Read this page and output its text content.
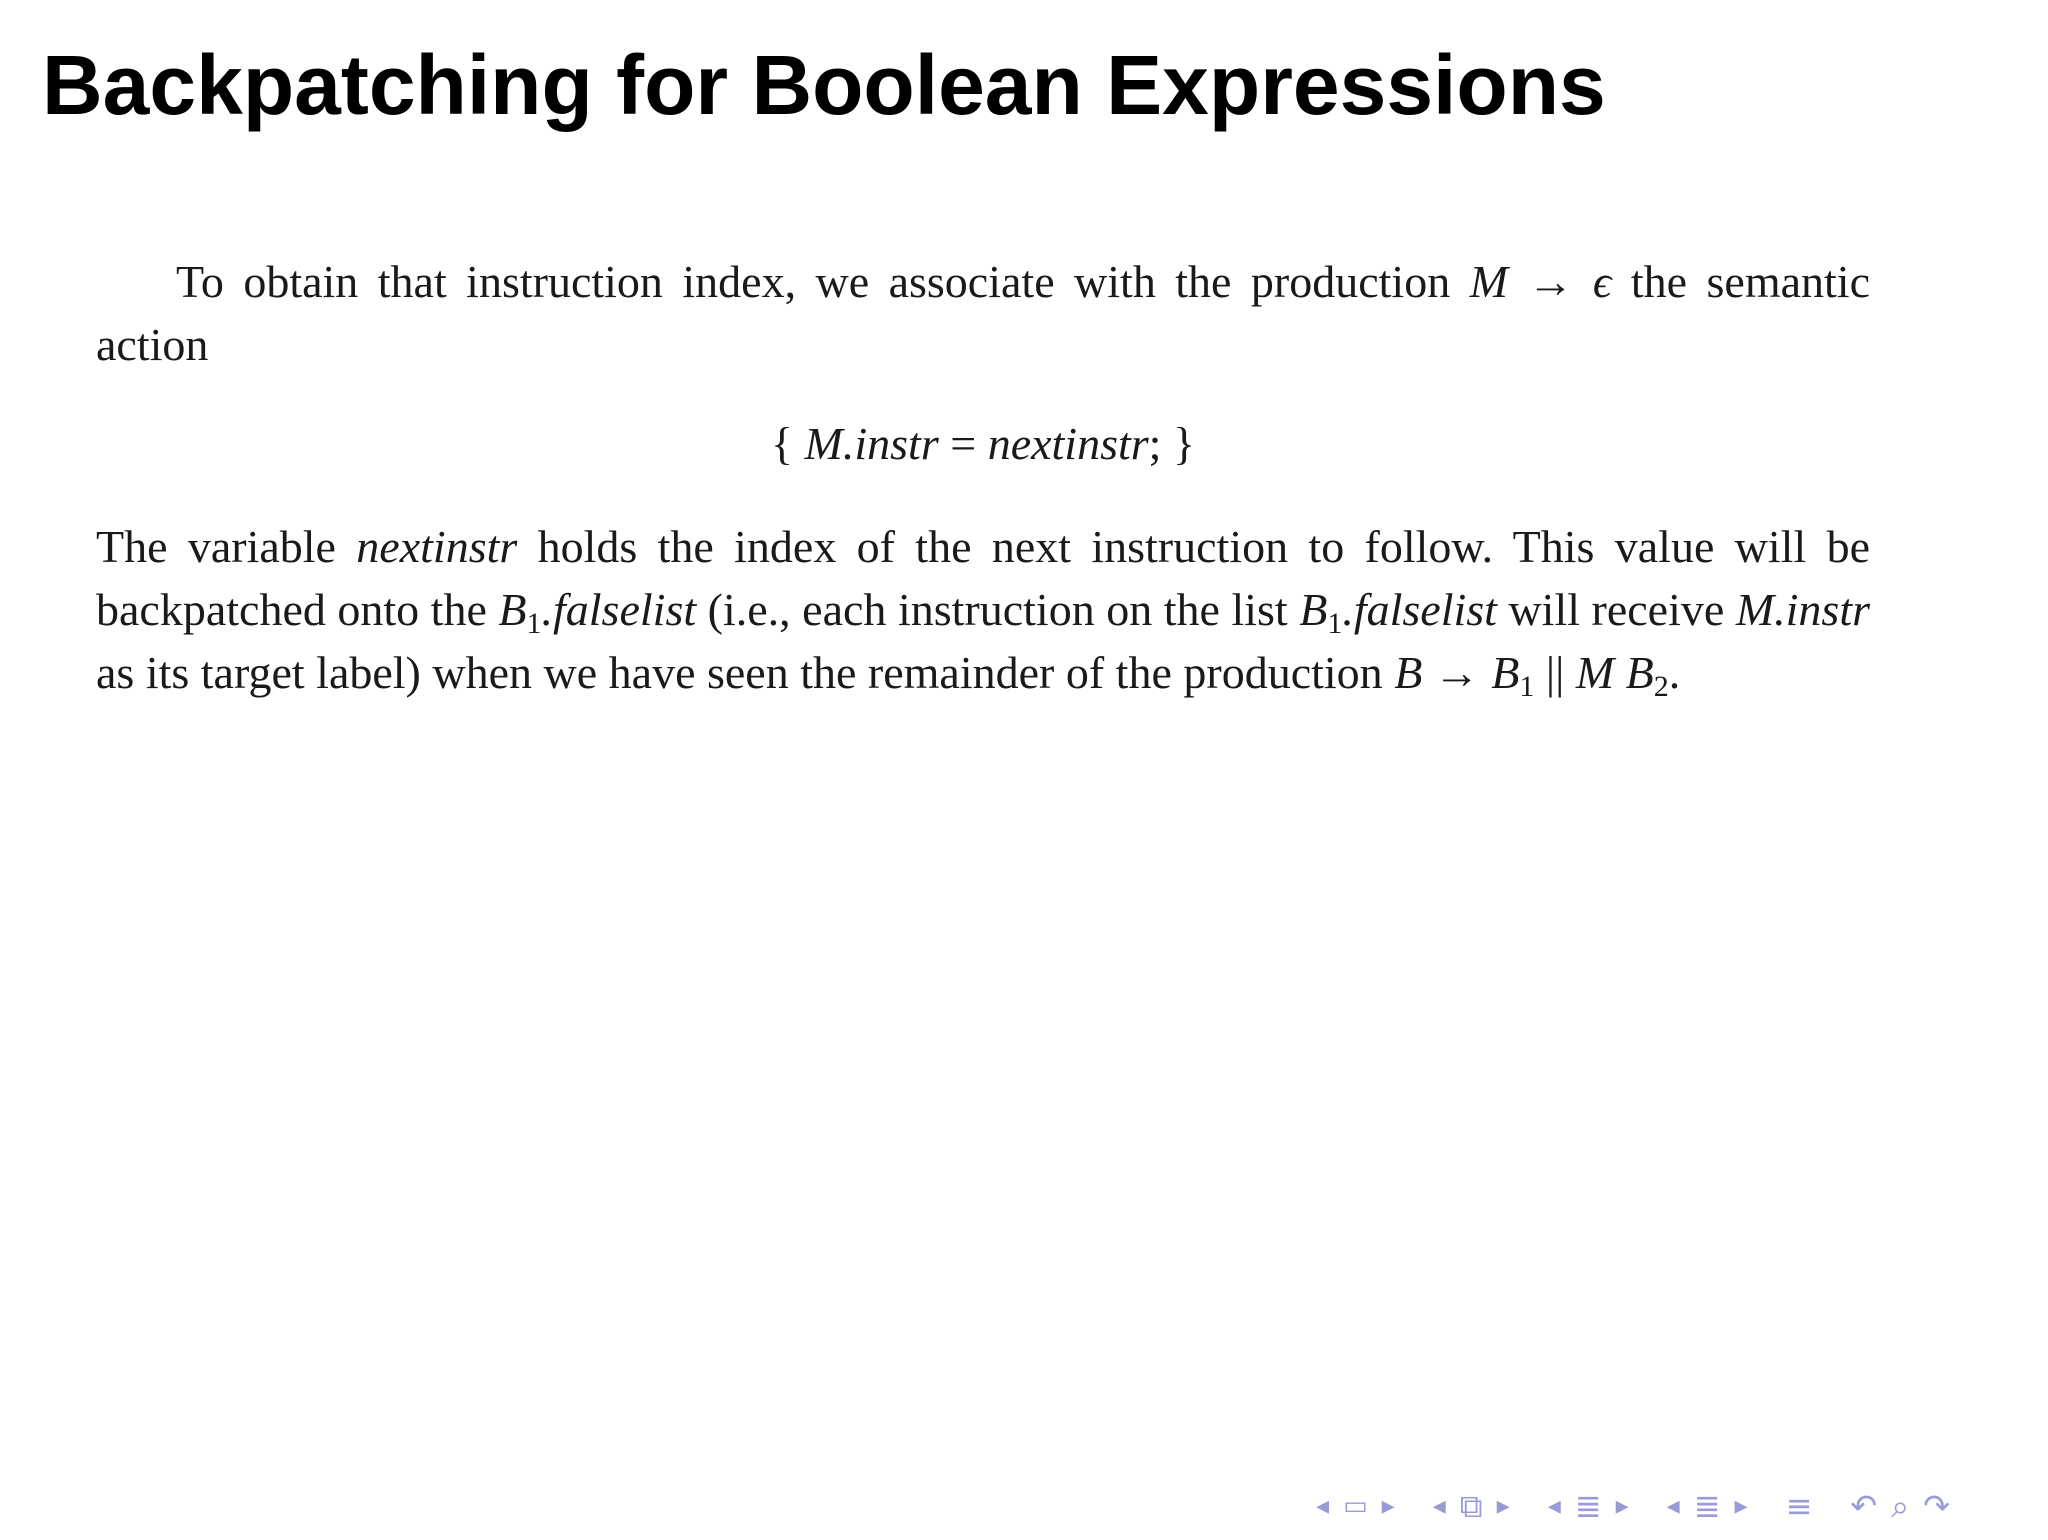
Backpatching for Boolean Expressions

To obtain that instruction index, we associate with the production M → ϵ the semantic action

{ M.instr = nextinstr; }

The variable nextinstr holds the index of the next instruction to follow. This value will be backpatched onto the $B_1.falselist$ (i.e., each instruction on the list $B_1.falselist$ will receive M.instr as its target label) when we have seen the remainder of the production $B \to B_1$ || M $B_2$.

◂ ▭ ▸ ◂ ⧉ ▸ ◂ ≣ ▸ ◂ ≣ ▸ ≡ ↶ ⌕ ↷
